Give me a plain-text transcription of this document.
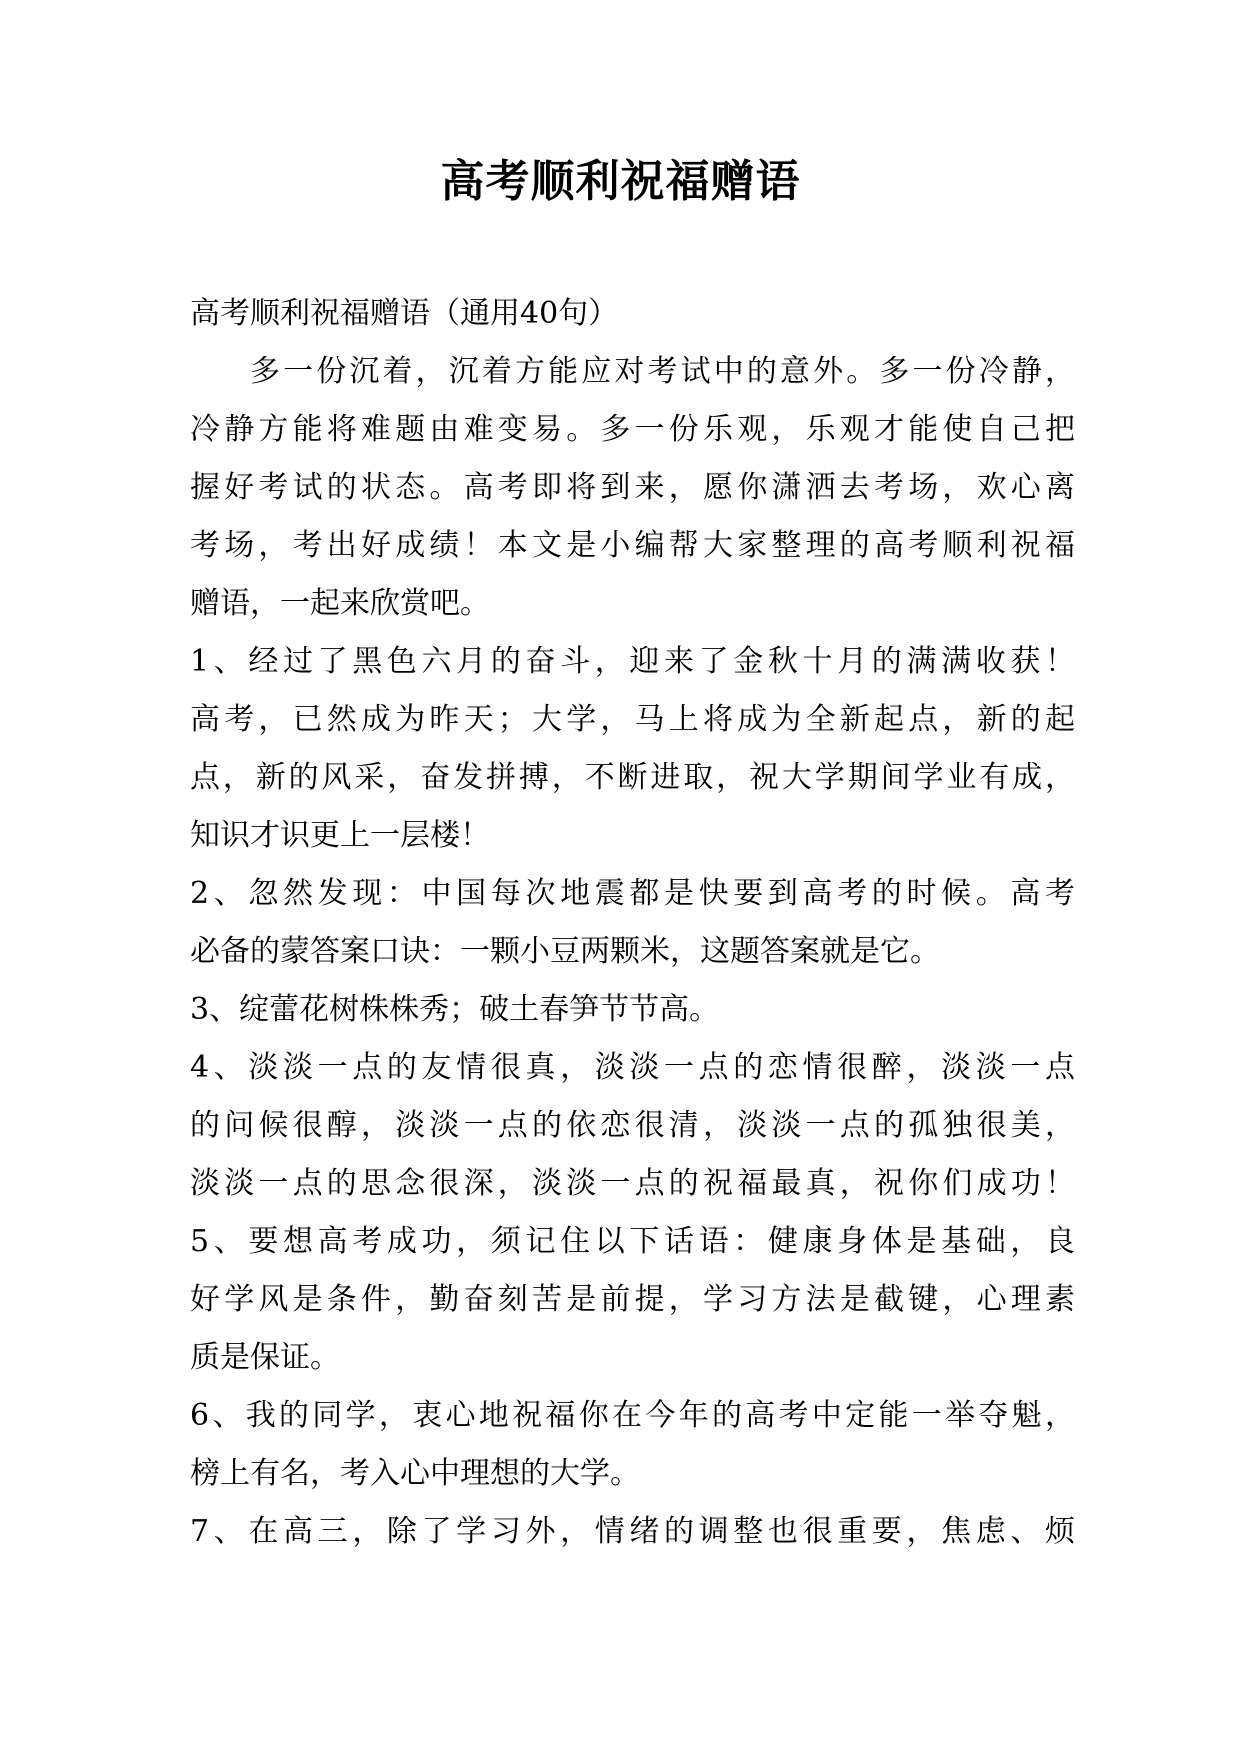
高考顺利祝福赠语
高考顺利祝福赠语（通用40句）
多一份沉着，沉着方能应对考试中的意外。多一份冷静，
冷静方能将难题由难变易。多一份乐观，乐观才能使自己把
握好考试的状态。高考即将到来，愿你潇洒去考场，欢心离
考场，考出好成绩！本文是小编帮大家整理的高考顺利祝福
赠语，一起来欣赏吧。
1、经过了黑色六月的奋斗，迎来了金秋十月的满满收获！
高考，已然成为昨天；大学，马上将成为全新起点，新的起
点，新的风采，奋发拼搏，不断进取，祝大学期间学业有成，
知识才识更上一层楼！
2、忽然发现：中国每次地震都是快要到高考的时候。高考
必备的蒙答案口诀：一颗小豆两颗米，这题答案就是它。
3、绽蕾花树株株秀；破土春笋节节高。
4、淡淡一点的友情很真，淡淡一点的恋情很醉，淡淡一点
的问候很醇，淡淡一点的依恋很清，淡淡一点的孤独很美，
淡淡一点的思念很深，淡淡一点的祝福最真，祝你们成功！
5、要想高考成功，须记住以下话语：健康身体是基础，良
好学风是条件，勤奋刻苦是前提，学习方法是截键，心理素
质是保证。
6、我的同学，衷心地祝福你在今年的高考中定能一举夺魁，
榜上有名，考入心中理想的大学。
7、在高三，除了学习外，情绪的调整也很重要，焦虑、烦
